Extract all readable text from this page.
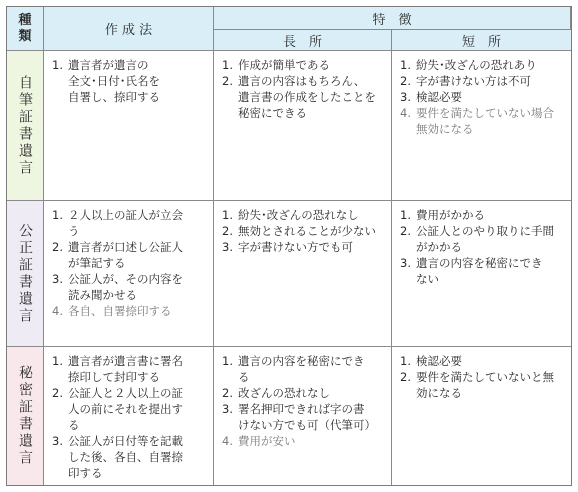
種
類	作 成 法
特　徴
長　所	短　所
自筆証書遺言
1. 遺言者が遺言の
全文･日付･氏名を
自署し、捺印する
1. 作成が簡単である
2. 遺言の内容はもちろん、
遺言書の作成をしたことを
秘密にできる
1. 紛失･改ざんの恐れあり
2. 字が書けない方は不可
3. 検認必要
4. 要件を満たしていない場合
無効になる
公正証書遺言
1. ２人以上の証人が立会
う
2. 遺言者が口述し公証人
が筆記する
3. 公証人が、その内容を
読み聞かせる
4. 各自、自署捺印する
1. 紛失･改ざんの恐れなし
2. 無効とされることが少ない
3. 字が書けない方でも可
1. 費用がかかる
2. 公証人とのやり取りに手間
がかかる
3. 遺言の内容を秘密にでき
ない
秘密証書遺言
1. 遺言者が遺言書に署名
捺印して封印する
2. 公証人と２人以上の証
人の前にそれを提出す
る
3. 公証人が日付等を記載
した後、各自、自署捺
印する
1. 遺言の内容を秘密にでき
る
2. 改ざんの恐れなし
3. 署名押印できれば字の書
けない方でも可（代筆可）
4. 費用が安い
1. 検認必要
2. 要件を満たしていないと無
効になる
